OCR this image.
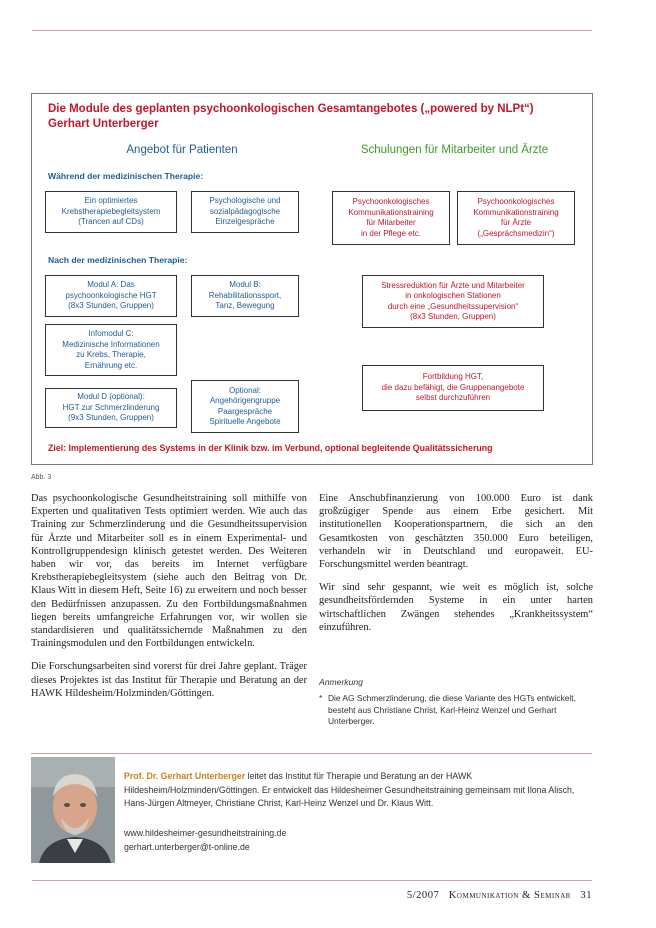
Die Module des geplanten psychoonkologischen Gesamtangebotes („powered by NLPt“)
Gerhart Unterberger
Angebot für Patienten	Schulungen für Mitarbeiter und Ärzte
Während der medizinischen Therapie:
Ein optimiertes
Krebstherapiebegleitsystem
(Trancen auf CDs)
Psychologische und
sozialpädagogische
Einzelgespräche
Psychoonkologisches
Kommunikationstraining
für Mitarbeiter
in der Pflege etc.
Psychoonkologisches
Kommunikationstraining
für Ärzte
(„Gesprächsmedizin“)
Nach der medizinischen Therapie:
Modul A: Das
psychoonkologische HGT
(8x3 Stunden, Gruppen)
Modul B:
Rehabilitationssport,
Tanz, Bewegung
Stressreduktion für Ärzte und Mitarbeiter
in onkologischen Stationen
durch eine „Gesundheitssupervision“
(8x3 Stunden, Gruppen)
Infomodul C:
Medizinische Informationen
zu Krebs, Therapie,
Ernährung etc.
Fortbildung HGT,
die dazu befähigt, die Gruppenangebote
selbst durchzuführen
Modul D (optional):
HGT zur Schmerzlinderung
(9x3 Stunden, Gruppen)
Optional:
Angehörigengruppe
Paargespräche
Spirituelle Angebote
Ziel: Implementierung des Systems in der Klinik bzw. im Verbund, optional begleitende Qualitätssicherung
Abb. 3

Das psychoonkologische Gesundheitstraining soll mithilfe von Experten und qualitativen Tests optimiert werden. Wie auch das Training zur Schmerzlinderung und die Gesundheitssupervision für Ärzte und Mitarbeiter soll es in einem Experimental- und Kontrollgruppendesign klinisch getestet werden. Des Weiteren haben wir vor, das bereits im Internet verfügbare Krebstherapiebegleitsystem (siehe auch den Beitrag von Dr. Klaus Witt in diesem Heft, Seite 16) zu erweitern und noch besser den Bedürfnissen anzupassen. Zu den Fortbildungsmaßnahmen liegen bereits umfangreiche Erfahrungen vor, wir wollen sie standardisieren und qualitätssichernde Maßnahmen zu den Trainingsmodulen und den Fortbildungen entwickeln.

Die Forschungsarbeiten sind vorerst für drei Jahre geplant. Träger dieses Projektes ist das Institut für Therapie und Beratung an der HAWK Hildesheim/Holzminden/Göttingen.

Eine Anschubfinanzierung von 100.000 Euro ist dank großzügiger Spende aus einem Erbe gesichert. Mit institutionellen Kooperationspartnern, die sich an den Gesamtkosten von geschätzten 350.000 Euro beteiligen, verhandeln wir in Deutschland und europaweit. EU-Forschungsmittel werden beantragt.

Wir sind sehr gespannt, wie weit es möglich ist, solche gesundheitsfördernden Systeme in ein unter harten wirtschaftlichen Zwängen stehendes „Krankheitssystem“ einzuführen.

Anmerkung
* Die AG Schmerzlinderung, die diese Variante des HGTs entwickelt, besteht aus Christiane Christ, Karl-Heinz Wenzel und Gerhart Unterberger.
Prof. Dr. Gerhart Unterberger leitet das Institut für Therapie und Beratung an der HAWK Hildesheim/Holzminden/Göttingen. Er entwickelt das Hildesheimer Gesundheitstraining gemeinsam mit Ilona Alisch, Hans-Jürgen Altmeyer, Christiane Christ, Karl-Heinz Wenzel und Dr. Klaus Witt.
www.hildesheimer-gesundheitstraining.de
gerhart.unterberger@t-online.de
5/2007 Kommunikation & Seminar 31
